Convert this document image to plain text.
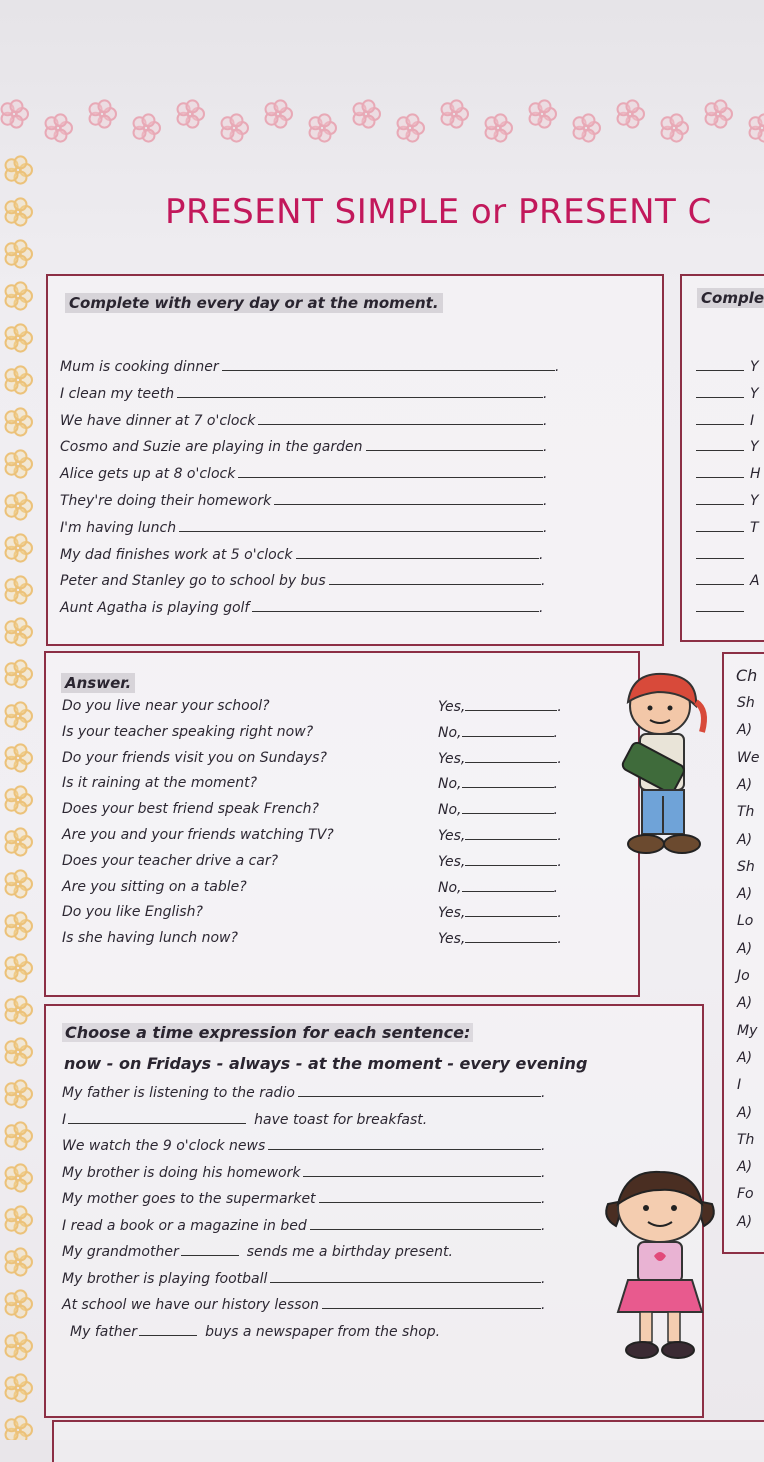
PRESENT SIMPLE or PRESENT C
Complete with every day or at the moment.
Mum is cooking dinner	.
I clean my teeth	.
We have dinner at 7 o'clock	.
Cosmo and Suzie are playing in the garden	.
Alice gets up at 8 o'clock	.
They're doing their homework	.
I'm having lunch	.
My dad finishes work at 5 o'clock	.
Peter and Stanley go to school by bus	.
Aunt Agatha is playing golf	.
Comple
Y
Y
I
Y
H
Y
T
A
Answer.
Do you live near your school?	Yes,	.
Is your teacher speaking right now?	No,	.
Do your friends visit you on Sundays?	Yes,	.
Is it raining at the moment?	No,	.
Does your best friend speak French?	No,	.
Are you and your friends watching TV?	Yes,	.
Does your teacher drive a car?	Yes,	.
Are you sitting on a table?	No,	.
Do you like English?	Yes,	.
Is she having lunch now?	Yes,	.
Ch
Sh
A)
We
A)
Th
A)
Sh
A)
Lo
A)
Jo
A)
My
A)
I
A)
Th
A)
Fo
A)
Choose a time expression for each sentence:
now - on Fridays - always - at the moment - every evening
My father is listening to the radio	.
I	have toast for breakfast.
We watch the 9 o'clock news	.
My brother is doing his homework	.
My mother goes to the supermarket	.
I read a book or a magazine in bed	.
My grandmother	sends me a birthday present.
My brother is playing football	.
At school we have our history lesson	.
My father	buys a newspaper from the shop.
